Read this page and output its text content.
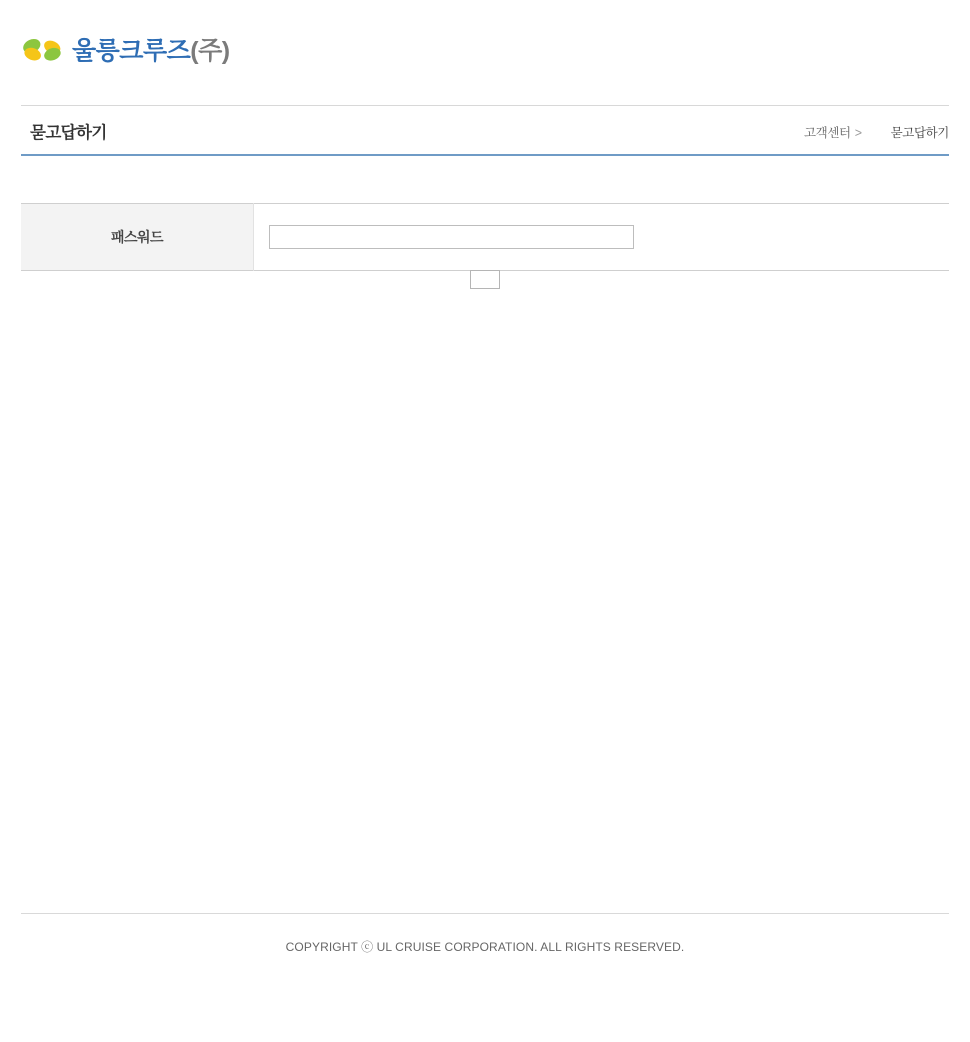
울릉크루즈(주)
묻고답하기	고객센터 > 묻고답하기
패스워드	
COPYRIGHT ⓒ UL CRUISE CORPORATION. ALL RIGHTS RESERVED.
